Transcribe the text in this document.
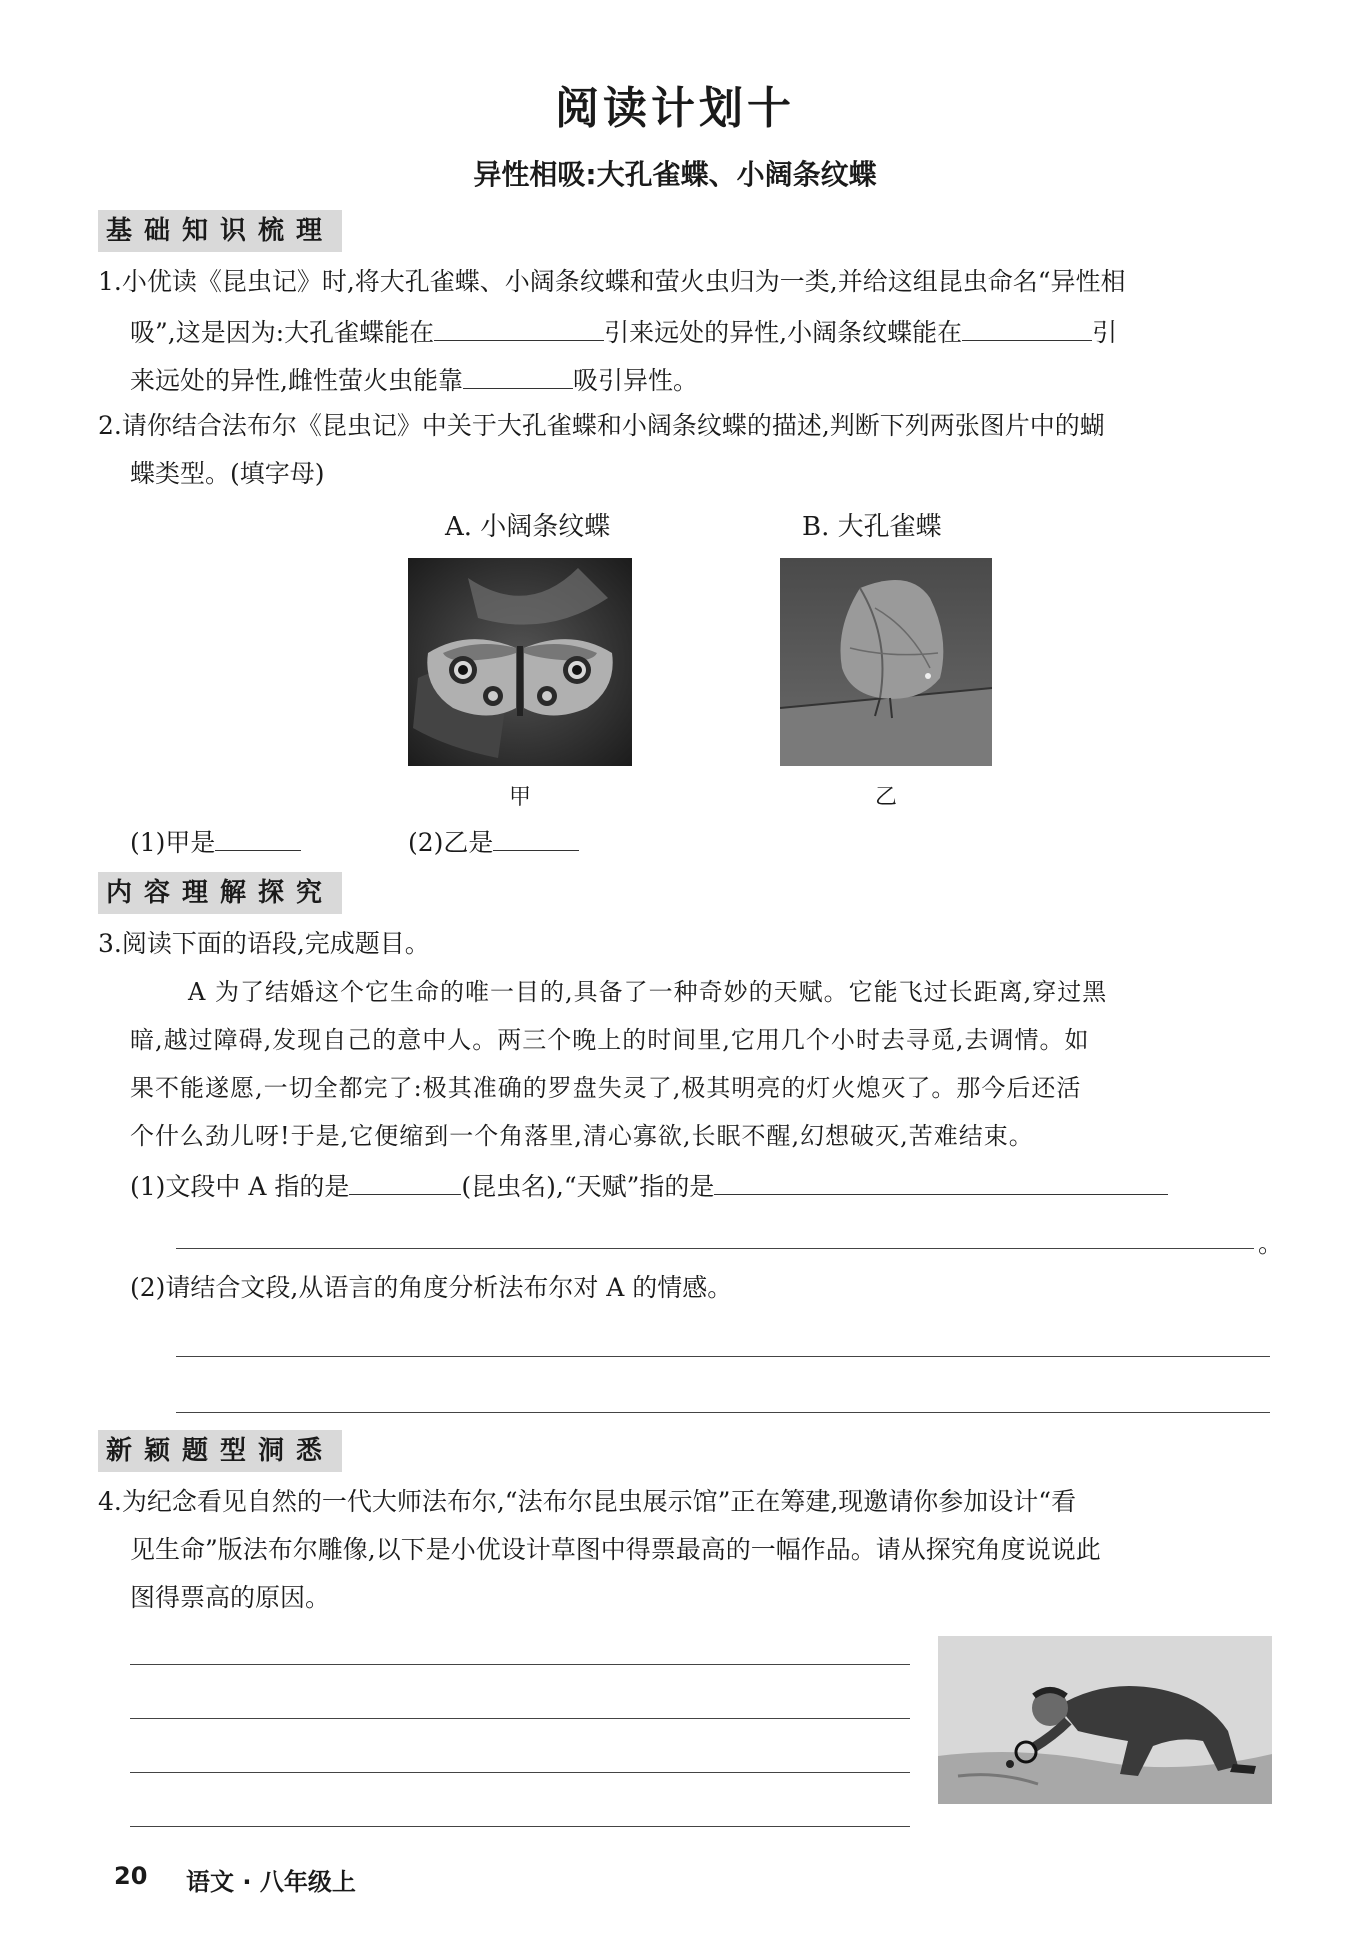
阅读计划十
异性相吸:大孔雀蝶、小阔条纹蝶
基础知识梳理
1.小优读《昆虫记》时,将大孔雀蝶、小阔条纹蝶和萤火虫归为一类,并给这组昆虫命名“异性相
吸”,这是因为:大孔雀蝶能在	引来远处的异性,小阔条纹蝶能在	引
来远处的异性,雌性萤火虫能靠	吸引异性。
2.请你结合法布尔《昆虫记》中关于大孔雀蝶和小阔条纹蝶的描述,判断下列两张图片中的蝴
蝶类型。(填字母)
A. 小阔条纹蝶	B. 大孔雀蝶
甲	乙
(1)甲是	(2)乙是
内容理解探究
3.阅读下面的语段,完成题目。
A 为了结婚这个它生命的唯一目的,具备了一种奇妙的天赋。它能飞过长距离,穿过黑
暗,越过障碍,发现自己的意中人。两三个晚上的时间里,它用几个小时去寻觅,去调情。如
果不能遂愿,一切全都完了:极其准确的罗盘失灵了,极其明亮的灯火熄灭了。那今后还活
个什么劲儿呀!于是,它便缩到一个角落里,清心寡欲,长眠不醒,幻想破灭,苦难结束。
(1)文段中 A 指的是	(昆虫名),“天赋”指的是
。
(2)请结合文段,从语言的角度分析法布尔对 A 的情感。
新颖题型洞悉
4.为纪念看见自然的一代大师法布尔,“法布尔昆虫展示馆”正在筹建,现邀请你参加设计“看
见生命”版法布尔雕像,以下是小优设计草图中得票最高的一幅作品。请从探究角度说说此
图得票高的原因。
20 语文 · 八年级上
